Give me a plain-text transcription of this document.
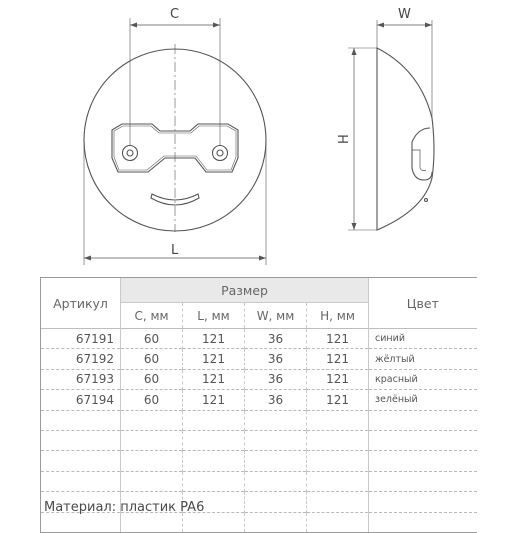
C
L
W
H
Артикул	Размер				Цвет
	C, мм	L, мм	W, мм	H, мм	
67191	60	121	36	121	синий
67192	60	121	36	121	жёлтый
67193	60	121	36	121	красный
67194	60	121	36	121	зелёный

Материал: пластик PA6
